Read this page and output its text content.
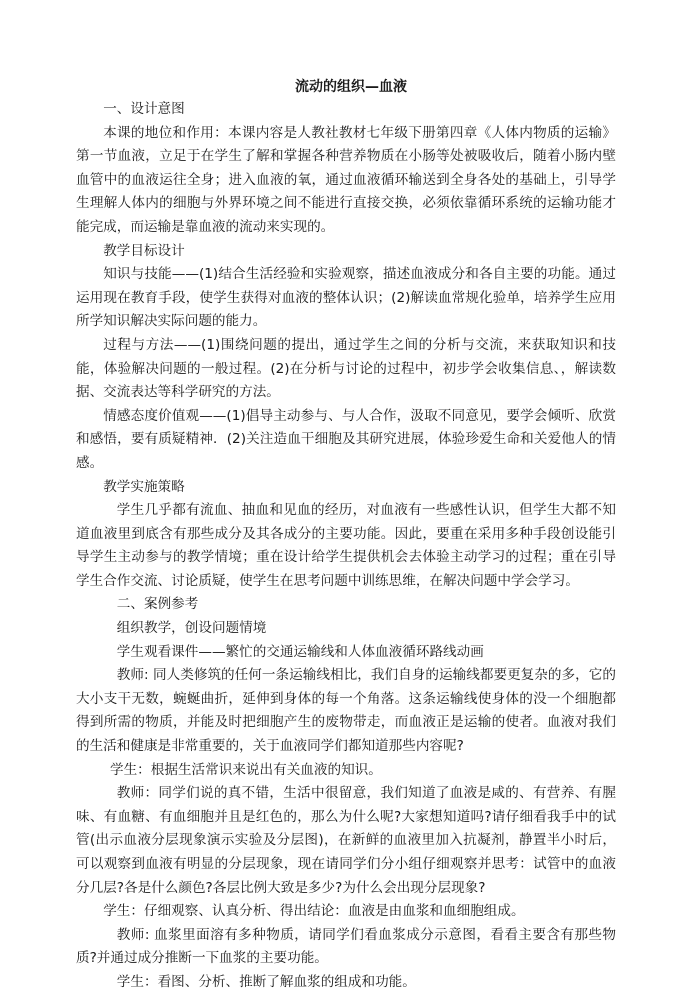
流动的组织—血液

一、设计意图

本课的地位和作用：本课内容是人教社教材七年级下册第四章《人体内物质的运输》第一节血液，立足于在学生了解和掌握各种营养物质在小肠等处被吸收后，随着小肠内壁血管中的血液运往全身；进入血液的氧，通过血液循环输送到全身各处的基础上，引导学生理解人体内的细胞与外界环境之间不能进行直接交换，必须依靠循环系统的运输功能才能完成，而运输是靠血液的流动来实现的。

教学目标设计

知识与技能——(1)结合生活经验和实验观察，描述血液成分和各自主要的功能。通过运用现在教育手段，使学生获得对血液的整体认识；(2)解读血常规化验单，培养学生应用所学知识解决实际问题的能力。

过程与方法——(1)围绕问题的提出，通过学生之间的分析与交流，来获取知识和技能，体验解决问题的一般过程。(2)在分析与讨论的过程中，初步学会收集信息、，解读数据、交流表达等科学研究的方法。

情感态度价值观——(1)倡导主动参与、与人合作，汲取不同意见，要学会倾听、欣赏和感悟，要有质疑精神．(2)关注造血干细胞及其研究进展，体验珍爱生命和关爱他人的情感。

教学实施策略

学生几乎都有流血、抽血和见血的经历，对血液有一些感性认识，但学生大都不知道血液里到底含有那些成分及其各成分的主要功能。因此，要重在采用多种手段创设能引导学生主动参与的教学情境；重在设计给学生提供机会去体验主动学习的过程；重在引导学生合作交流、讨论质疑，使学生在思考问题中训练思维，在解决问题中学会学习。

二、案例参考

组织教学，创设问题情境

学生观看课件——繁忙的交通运输线和人体血液循环路线动画

教师: 同人类修筑的任何一条运输线相比，我们自身的运输线都要更复杂的多，它的大小支干无数，蜿蜒曲折，延伸到身体的每一个角落。这条运输线使身体的没一个细胞都得到所需的物质，并能及时把细胞产生的废物带走，而血液正是运输的使者。血液对我们的生活和健康是非常重要的，关于血液同学们都知道那些内容呢?

学生：根据生活常识来说出有关血液的知识。

教师：同学们说的真不错，生活中很留意，我们知道了血液是咸的、有营养、有腥味、有血糖、有血细胞并且是红色的，那么为什么呢?大家想知道吗?请仔细看我手中的试管(出示血液分层现象演示实验及分层图)，在新鲜的血液里加入抗凝剂，静置半小时后，可以观察到血液有明显的分层现象，现在请同学们分小组仔细观察并思考：试管中的血液分几层?各是什么颜色?各层比例大致是多少?为什么会出现分层现象?

学生：仔细观察、认真分析、得出结论：血液是由血浆和血细胞组成。

教师: 血浆里面溶有多种物质，请同学们看血浆成分示意图，看看主要含有那些物质?并通过成分推断一下血浆的主要功能。

学生：看图、分析、推断了解血浆的组成和功能。
